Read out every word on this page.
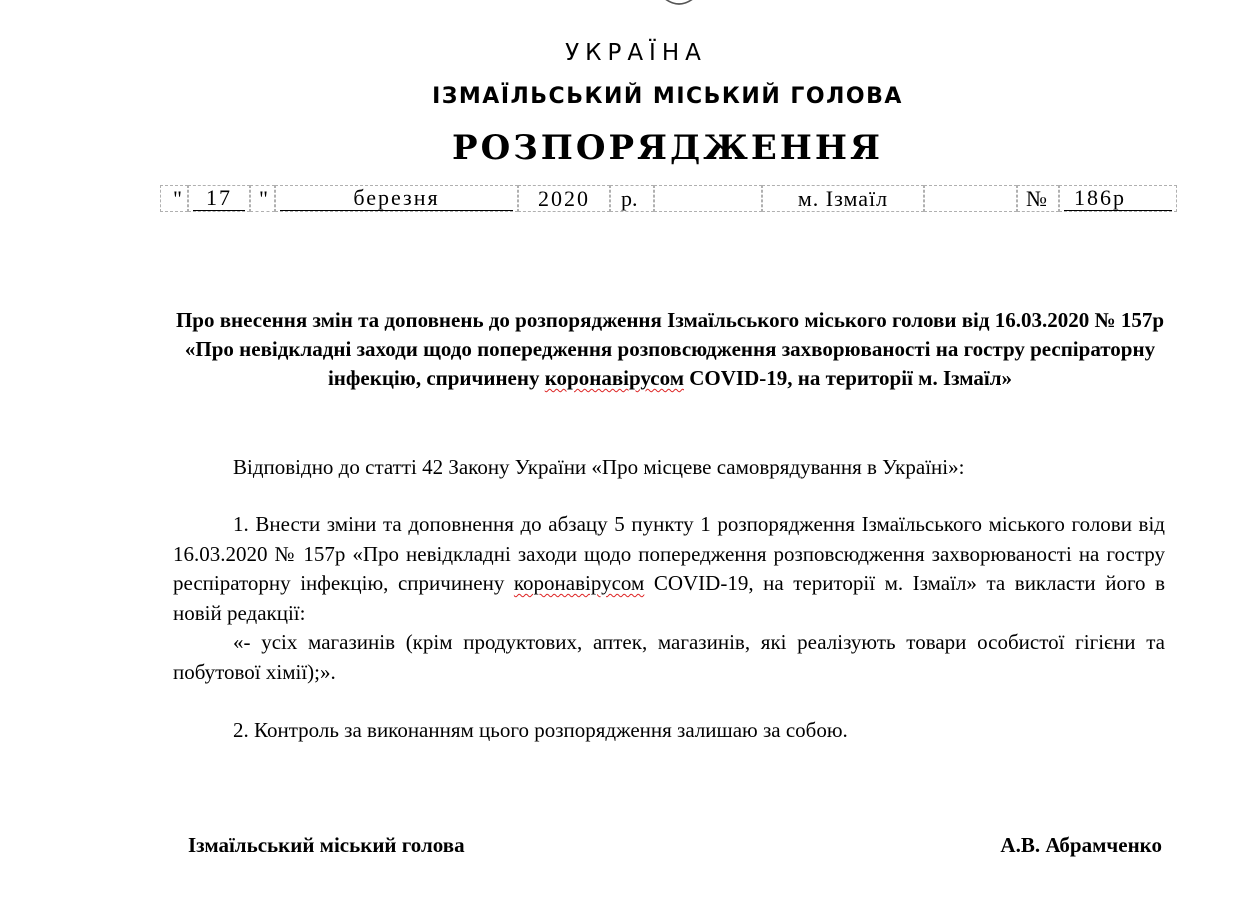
УКРАЇНА
ІЗМАЇЛЬСЬКИЙ МІСЬКИЙ ГОЛОВА
РОЗПОРЯДЖЕННЯ
"	17	"	березня	2020	р.	м. Ізмаїл	№	186р
Про внесення змін та доповнень до розпорядження Ізмаїльського міського голови від 16.03.2020 № 157р «Про невідкладні заходи щодо попередження розповсюдження захворюваності на гостру респіраторну інфекцію, спричинену коронавірусом COVID-19, на території м. Ізмаїл»
Відповідно до статті 42 Закону України «Про місцеве самоврядування в Україні»:
1. Внести зміни та доповнення до абзацу 5 пункту 1 розпорядження Ізмаїльського міського голови від 16.03.2020 № 157р «Про невідкладні заходи щодо попередження розповсюдження захворюваності на гостру респіраторну інфекцію, спричинену коронавірусом COVID-19, на території м. Ізмаїл» та викласти його в новій редакції:
«- усіх магазинів (крім продуктових, аптек, магазинів, які реалізують товари особистої гігієни та побутової хімії);».
2. Контроль за виконанням цього розпорядження залишаю за собою.
Ізмаїльський міський голова	А.В. Абрамченко
